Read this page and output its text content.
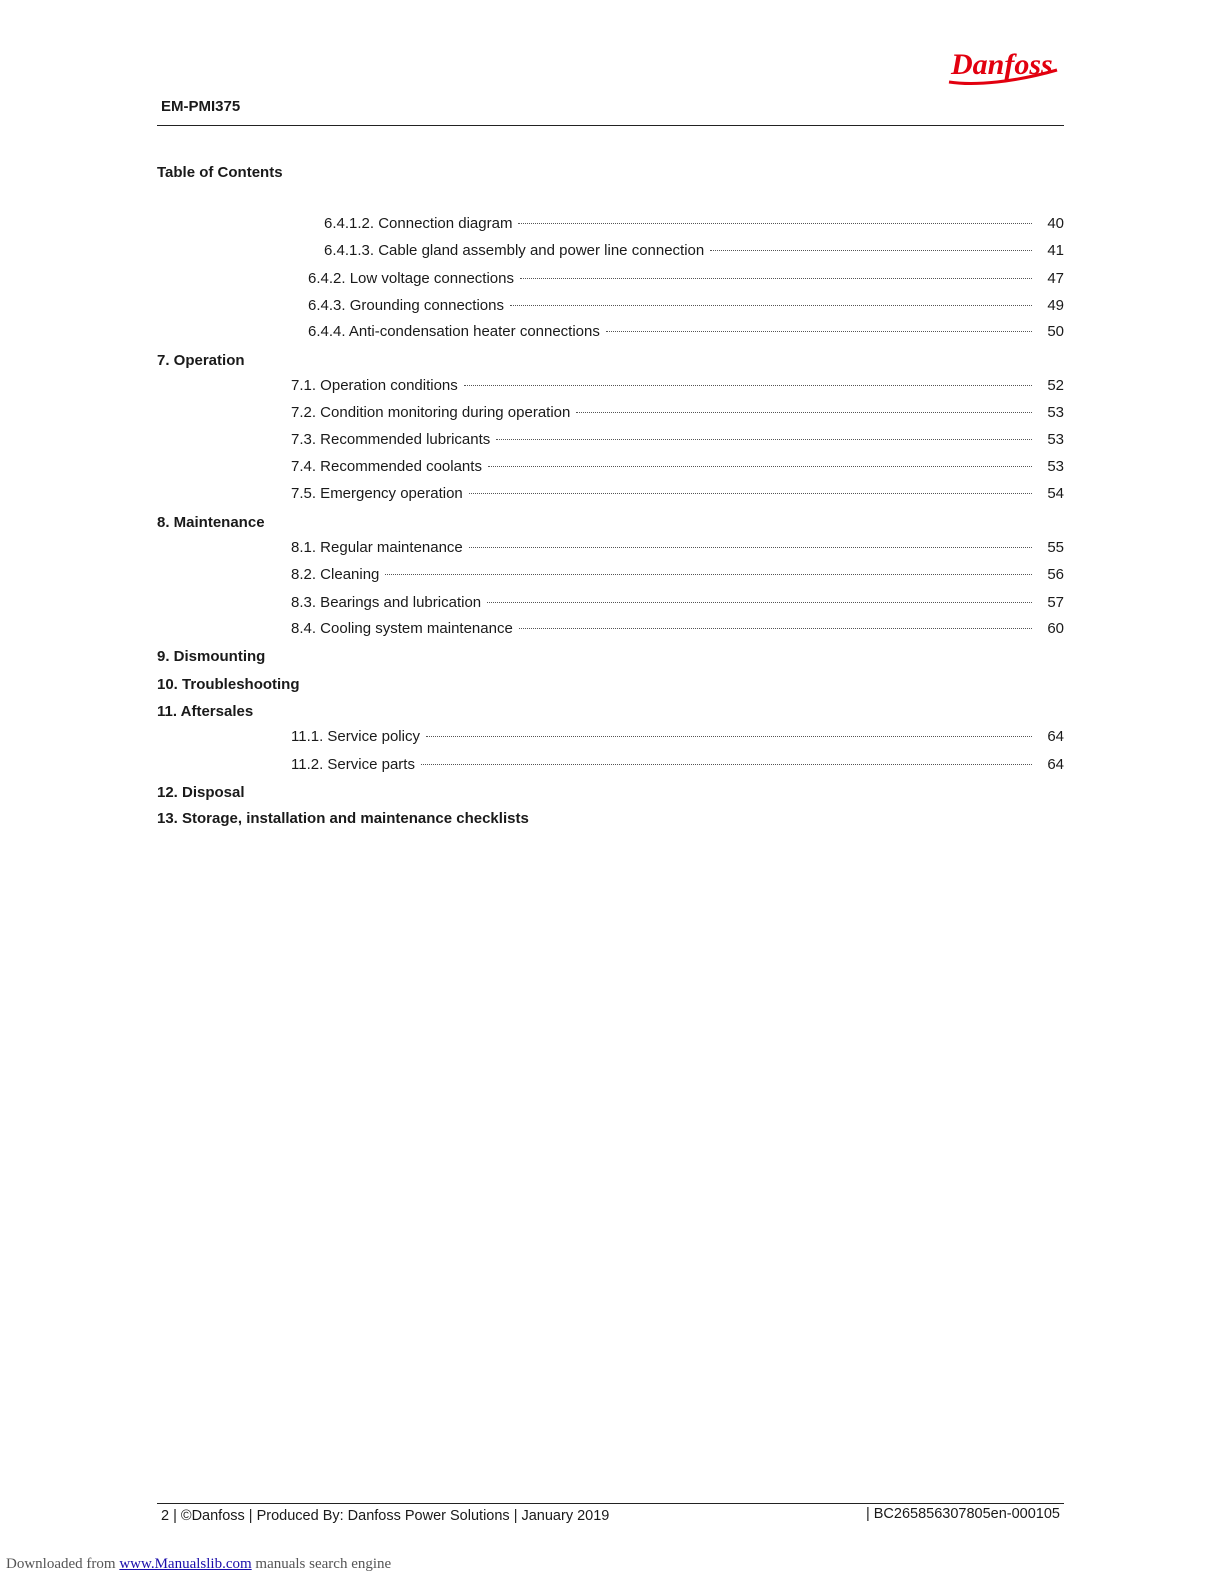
Danfoss
EM-PMI375
Table of Contents
6.4.1.2. Connection diagram	40
6.4.1.3. Cable gland assembly and power line connection	41
6.4.2. Low voltage connections	47
6.4.3. Grounding connections	49
6.4.4. Anti-condensation heater connections	50
7. Operation
7.1. Operation conditions	52
7.2. Condition monitoring during operation	53
7.3. Recommended lubricants	53
7.4. Recommended coolants	53
7.5. Emergency operation	54
8. Maintenance
8.1. Regular maintenance	55
8.2. Cleaning	56
8.3. Bearings and lubrication	57
8.4. Cooling system maintenance	60
9. Dismounting
10. Troubleshooting
11. Aftersales
11.1. Service policy	64
11.2. Service parts	64
12. Disposal
13. Storage, installation and maintenance checklists
2 | ©Danfoss | Produced By: Danfoss Power Solutions | January 2019	| BC265856307805en-000105
Downloaded from www.Manualslib.com manuals search engine
